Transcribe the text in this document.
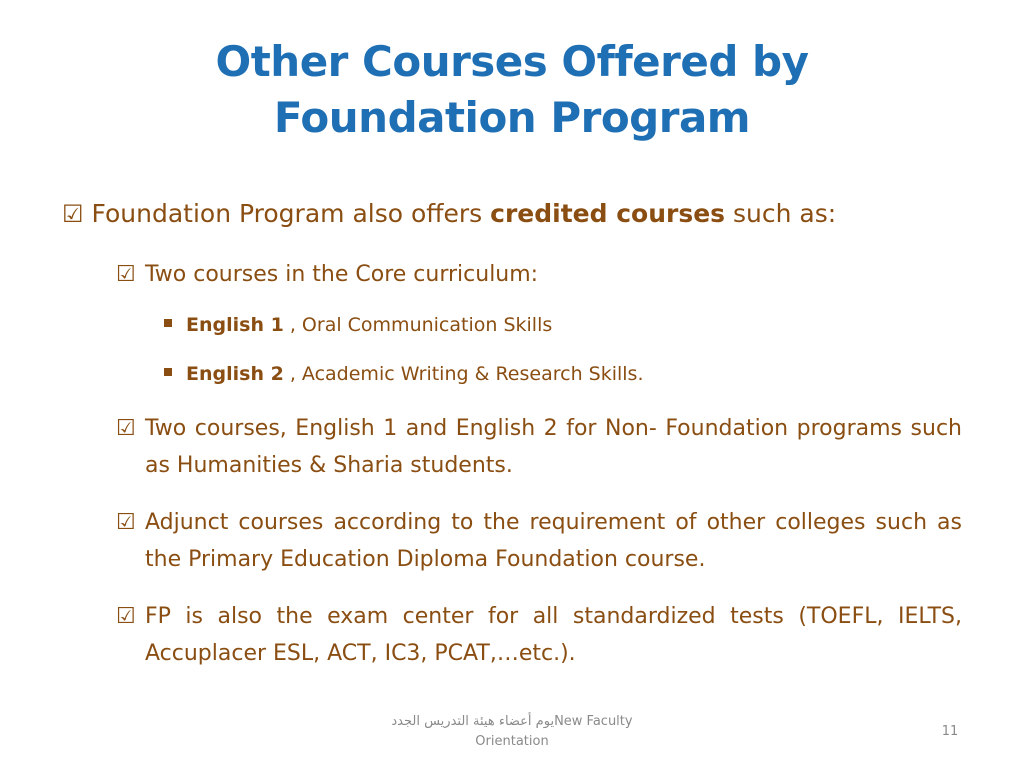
Other Courses Offered by
Foundation Program
☑ Foundation Program also offers credited courses such as:
☑ Two courses in the Core curriculum:
English 1 , Oral Communication Skills
English 2 , Academic Writing & Research Skills.
☑ Two courses, English 1 and English 2 for Non- Foundation programs such as Humanities & Sharia students.
☑ Adjunct courses according to the requirement of other colleges such as the Primary Education Diploma Foundation course.
☑ FP is also the exam center for all standardized tests (TOEFL, IELTS, Accuplacer ESL, ACT, IC3, PCAT,…etc.).
يوم أعضاء هيئة التدريس الجددNew Faculty
Orientation
11
